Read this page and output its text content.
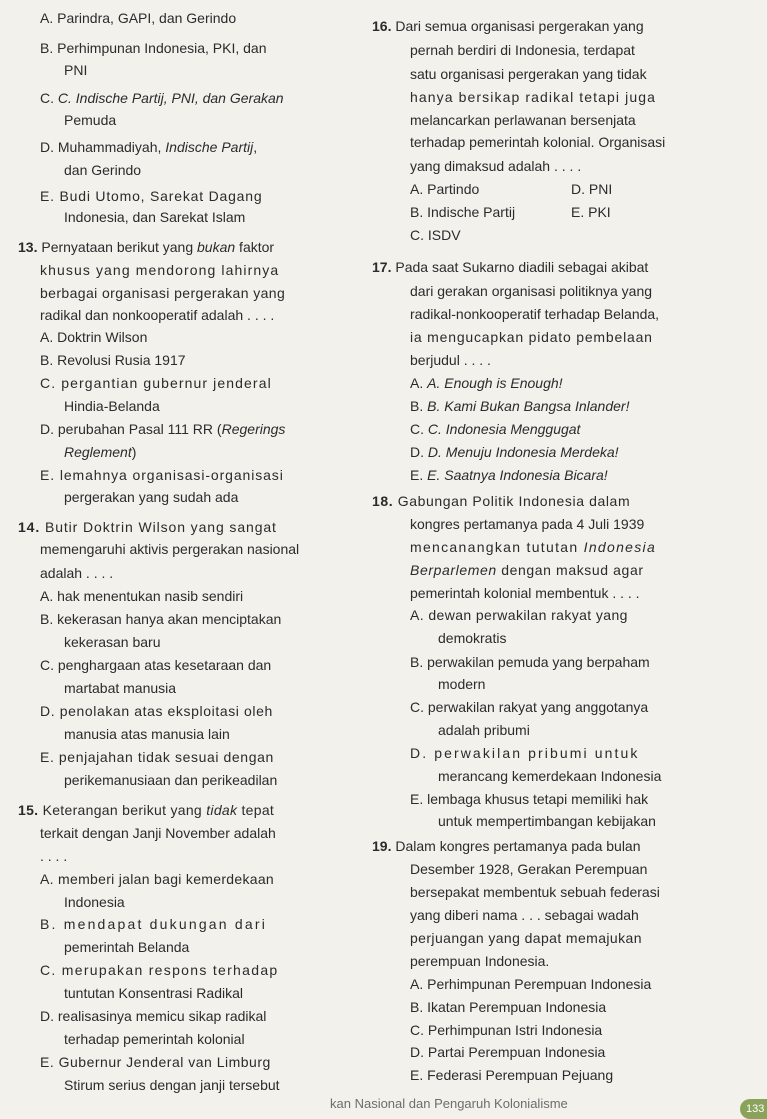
A. Parindra, GAPI, dan Gerindo
B. Perhimpunan Indonesia, PKI, dan
PNI
C. C. Indische Partij, PNI, dan Gerakan
Pemuda
D. Muhammadiyah, Indische Partij,
dan Gerindo
E. Budi Utomo, Sarekat Dagang
Indonesia, dan Sarekat Islam
13. Pernyataan berikut yang bukan faktor
khusus yang mendorong lahirnya
berbagai organisasi pergerakan yang
radikal dan nonkooperatif adalah . . . .
A. Doktrin Wilson
B. Revolusi Rusia 1917
C. pergantian gubernur jenderal
Hindia-Belanda
D. perubahan Pasal 111 RR (Regerings
Reglement)
E. lemahnya organisasi-organisasi
pergerakan yang sudah ada
14. Butir Doktrin Wilson yang sangat
memengaruhi aktivis pergerakan nasional
adalah . . . .
A. hak menentukan nasib sendiri
B. kekerasan hanya akan menciptakan
kekerasan baru
C. penghargaan atas kesetaraan dan
martabat manusia
D. penolakan atas eksploitasi oleh
manusia atas manusia lain
E. penjajahan tidak sesuai dengan
perikemanusiaan dan perikeadilan
15. Keterangan berikut yang tidak tepat
terkait dengan Janji November adalah
. . . .
A. memberi jalan bagi kemerdekaan
Indonesia
B. mendapat dukungan dari
pemerintah Belanda
C. merupakan respons terhadap
tuntutan Konsentrasi Radikal
D. realisasinya memicu sikap radikal
terhadap pemerintah kolonial
E. Gubernur Jenderal van Limburg
Stirum serius dengan janji tersebut
16. Dari semua organisasi pergerakan yang
pernah berdiri di Indonesia, terdapat
satu organisasi pergerakan yang tidak
hanya bersikap radikal tetapi juga
melancarkan perlawanan bersenjata
terhadap pemerintah kolonial. Organisasi
yang dimaksud adalah . . . .
A. Partindo	D. PNI
B. Indische Partij	E. PKI
C. ISDV
17. Pada saat Sukarno diadili sebagai akibat
dari gerakan organisasi politiknya yang
radikal-nonkooperatif terhadap Belanda,
ia mengucapkan pidato pembelaan
berjudul . . . .
A. A. Enough is Enough!
B. B. Kami Bukan Bangsa Inlander!
C. C. Indonesia Menggugat
D. D. Menuju Indonesia Merdeka!
E. E. Saatnya Indonesia Bicara!
18. Gabungan Politik Indonesia dalam
kongres pertamanya pada 4 Juli 1939
mencanangkan tututan Indonesia
Berparlemen dengan maksud agar
pemerintah kolonial membentuk . . . .
A. dewan perwakilan rakyat yang
demokratis
B. perwakilan pemuda yang berpaham
modern
C. perwakilan rakyat yang anggotanya
adalah pribumi
D. perwakilan pribumi untuk
merancang kemerdekaan Indonesia
E. lembaga khusus tetapi memiliki hak
untuk mempertimbangan kebijakan
19. Dalam kongres pertamanya pada bulan
Desember 1928, Gerakan Perempuan
bersepakat membentuk sebuah federasi
yang diberi nama . . . sebagai wadah
perjuangan yang dapat memajukan
perempuan Indonesia.
A. Perhimpunan Perempuan Indonesia
B. Ikatan Perempuan Indonesia
C. Perhimpunan Istri Indonesia
D. Partai Perempuan Indonesia
E. Federasi Perempuan Pejuang
kan Nasional dan Pengaruh Kolonialisme	133
